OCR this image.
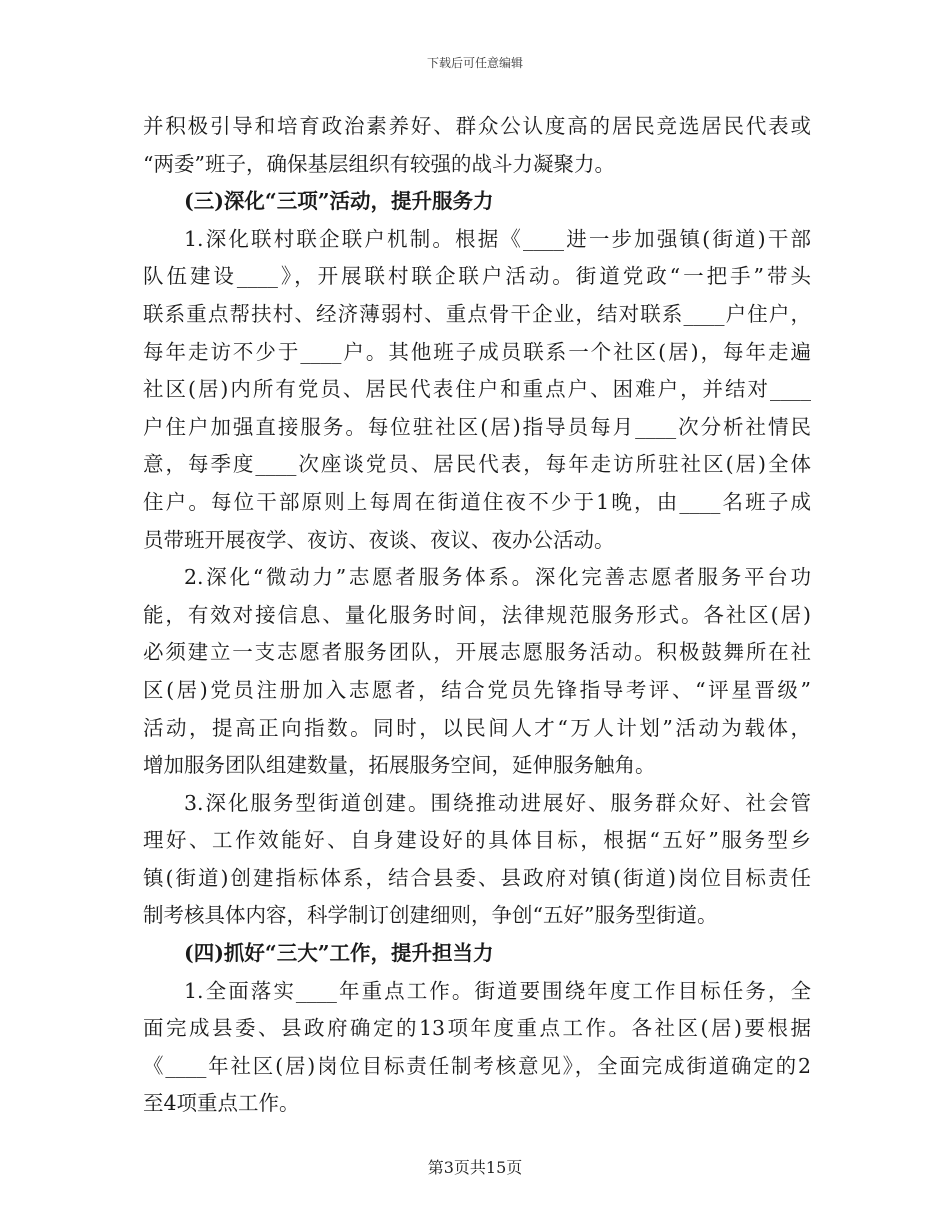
下载后可任意编辑
并积极引导和培育政治素养好、群众公认度高的居民竞选居民代表或
“两委”班子，确保基层组织有较强的战斗力凝聚力。
(三)深化“三项”活动，提升服务力
1.深化联村联企联户机制。根据《____进一步加强镇(街道)干部
队伍建设____》，开展联村联企联户活动。街道党政“一把手”带头
联系重点帮扶村、经济薄弱村、重点骨干企业，结对联系____户住户，
每年走访不少于____户。其他班子成员联系一个社区(居)，每年走遍
社区(居)内所有党员、居民代表住户和重点户、困难户，并结对____
户住户加强直接服务。每位驻社区(居)指导员每月____次分析社情民
意，每季度____次座谈党员、居民代表，每年走访所驻社区(居)全体
住户。每位干部原则上每周在街道住夜不少于1晚，由____名班子成
员带班开展夜学、夜访、夜谈、夜议、夜办公活动。
2.深化“微动力”志愿者服务体系。深化完善志愿者服务平台功
能，有效对接信息、量化服务时间，法律规范服务形式。各社区(居)
必须建立一支志愿者服务团队，开展志愿服务活动。积极鼓舞所在社
区(居)党员注册加入志愿者，结合党员先锋指导考评、“评星晋级”
活动，提高正向指数。同时，以民间人才“万人计划”活动为载体，
增加服务团队组建数量，拓展服务空间，延伸服务触角。
3.深化服务型街道创建。围绕推动进展好、服务群众好、社会管
理好、工作效能好、自身建设好的具体目标，根据“五好”服务型乡
镇(街道)创建指标体系，结合县委、县政府对镇(街道)岗位目标责任
制考核具体内容，科学制订创建细则，争创“五好”服务型街道。
(四)抓好“三大”工作，提升担当力
1.全面落实____年重点工作。街道要围绕年度工作目标任务，全
面完成县委、县政府确定的13项年度重点工作。各社区(居)要根据
《____年社区(居)岗位目标责任制考核意见》，全面完成街道确定的2
至4项重点工作。
第3页共15页
